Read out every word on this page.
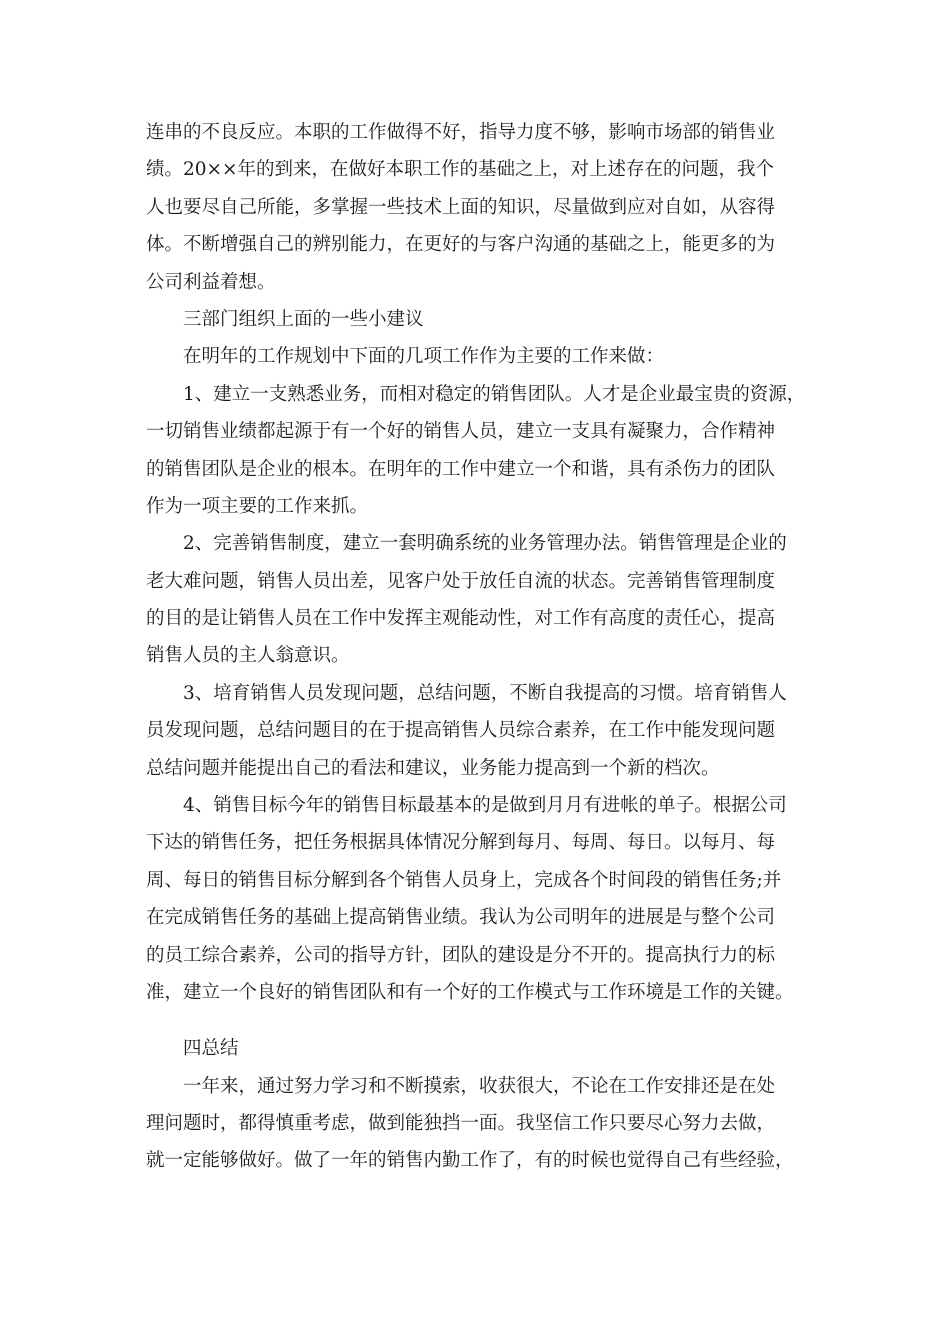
连串的不良反应。本职的工作做得不好，指导力度不够，影响市场部的销售业
绩。20××年的到来，在做好本职工作的基础之上，对上述存在的问题，我个
人也要尽自己所能，多掌握一些技术上面的知识，尽量做到应对自如，从容得
体。不断增强自己的辨别能力，在更好的与客户沟通的基础之上，能更多的为
公司利益着想。
三部门组织上面的一些小建议
在明年的工作规划中下面的几项工作作为主要的工作来做：
1、建立一支熟悉业务，而相对稳定的销售团队。人才是企业最宝贵的资源，
一切销售业绩都起源于有一个好的销售人员，建立一支具有凝聚力，合作精神
的销售团队是企业的根本。在明年的工作中建立一个和谐，具有杀伤力的团队
作为一项主要的工作来抓。
2、完善销售制度，建立一套明确系统的业务管理办法。销售管理是企业的
老大难问题，销售人员出差，见客户处于放任自流的状态。完善销售管理制度
的目的是让销售人员在工作中发挥主观能动性，对工作有高度的责任心，提高
销售人员的主人翁意识。
3、培育销售人员发现问题，总结问题，不断自我提高的习惯。培育销售人
员发现问题，总结问题目的在于提高销售人员综合素养，在工作中能发现问题
总结问题并能提出自己的看法和建议，业务能力提高到一个新的档次。
4、销售目标今年的销售目标最基本的是做到月月有进帐的单子。根据公司
下达的销售任务，把任务根据具体情况分解到每月、每周、每日。以每月、每
周、每日的销售目标分解到各个销售人员身上，完成各个时间段的销售任务;并
在完成销售任务的基础上提高销售业绩。我认为公司明年的进展是与整个公司
的员工综合素养，公司的指导方针，团队的建设是分不开的。提高执行力的标
准，建立一个良好的销售团队和有一个好的工作模式与工作环境是工作的关键。
四总结
一年来，通过努力学习和不断摸索，收获很大，不论在工作安排还是在处
理问题时，都得慎重考虑，做到能独挡一面。我坚信工作只要尽心努力去做，
就一定能够做好。做了一年的销售内勤工作了，有的时候也觉得自己有些经验，
